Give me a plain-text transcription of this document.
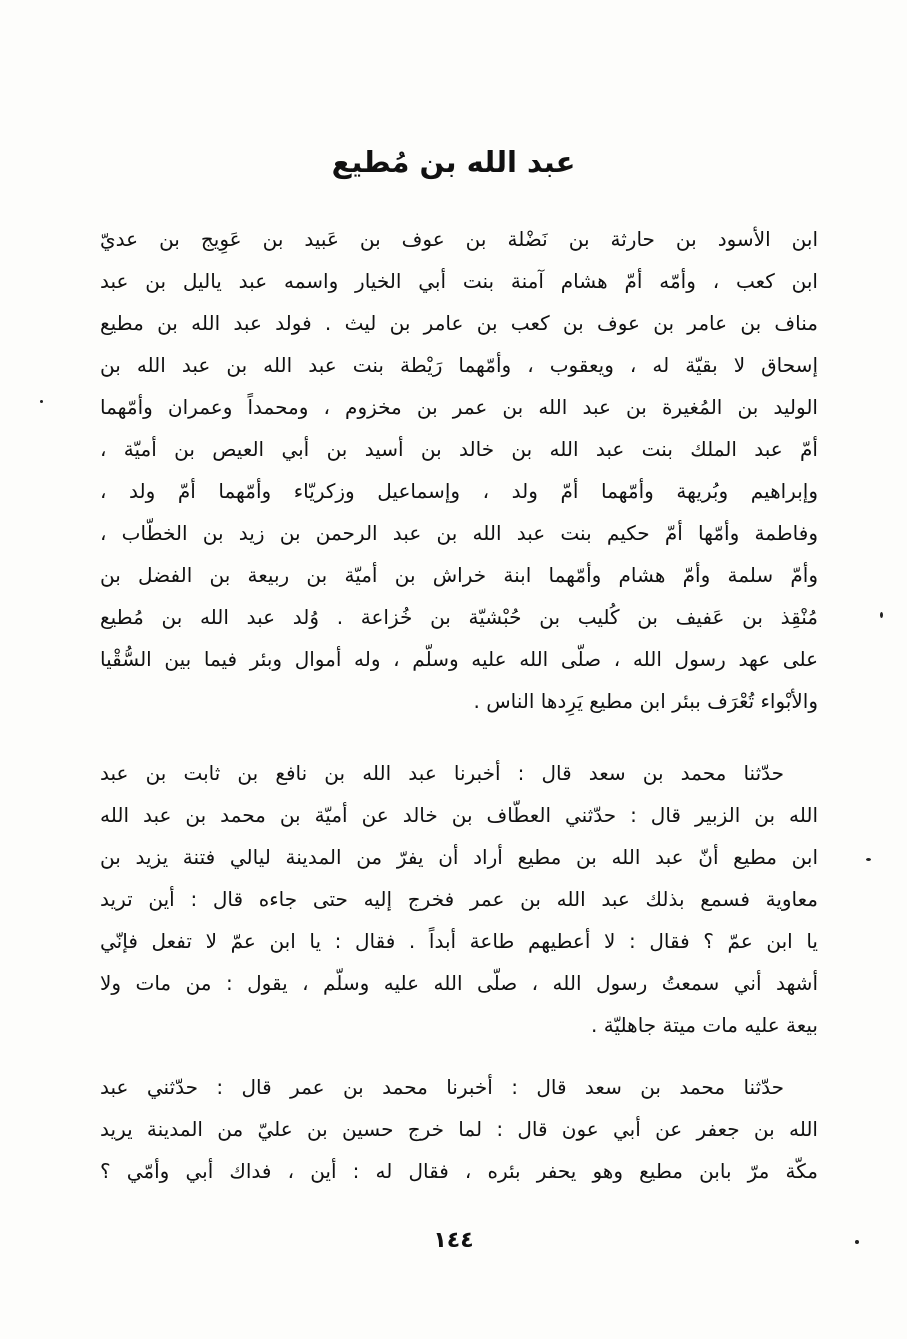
عبد الله بن مُطيع
ابن الأسود بن حارثة بن نَضْلة بن عوف بن عَبيد بن عَوِيج بن عديّ
ابن كعب ، وأمّه أمّ هشام آمنة بنت أبي الخيار واسمه عبد ياليل بن عبد
مناف بن عامر بن عوف بن كعب بن عامر بن ليث . فولد عبد الله بن مطيع
إسحاق لا بقيّة له ، ويعقوب ، وأمّهما رَيْطة بنت عبد الله بن عبد الله بن
الوليد بن المُغيرة بن عبد الله بن عمر بن مخزوم ، ومحمداً وعمران وأمّهما
أمّ عبد الملك بنت عبد الله بن خالد بن أسيد بن أبي العيص بن أميّة ،
وإبراهيم وبُريهة وأمّهما أمّ ولد ، وإسماعيل وزكريّاء وأمّهما أمّ ولد ،
وفاطمة وأمّها أمّ حكيم بنت عبد الله بن عبد الرحمن بن زيد بن الخطّاب ،
وأمّ سلمة وأمّ هشام وأمّهما ابنة خراش بن أميّة بن ربيعة بن الفضل بن
مُنْقِذ بن عَفيف بن كُليب بن حُبْشيّة بن خُزاعة . وُلد عبد الله بن مُطيع
على عهد رسول الله ، صلّى الله عليه وسلّم ، وله أموال وبئر فيما بين السُّقْيا
والأبْواء تُعْرَف ببئر ابن مطيع يَرِدها الناس .
حدّثنا محمد بن سعد قال : أخبرنا عبد الله بن نافع بن ثابت بن عبد
الله بن الزبير قال : حدّثني العطّاف بن خالد عن أميّة بن محمد بن عبد الله
ابن مطيع أنّ عبد الله بن مطيع أراد أن يفرّ من المدينة ليالي فتنة يزيد بن
معاوية فسمع بذلك عبد الله بن عمر فخرج إليه حتى جاءه قال : أين تريد
يا ابن عمّ ؟ فقال : لا أعطيهم طاعة أبداً . فقال : يا ابن عمّ لا تفعل فإنّي
أشهد أني سمعتُ رسول الله ، صلّى الله عليه وسلّم ، يقول : من مات ولا
بيعة عليه مات ميتة جاهليّة .
حدّثنا محمد بن سعد قال : أخبرنا محمد بن عمر قال : حدّثني عبد
الله بن جعفر عن أبي عون قال : لما خرج حسين بن عليّ من المدينة يريد
مكّة مرّ بابن مطيع وهو يحفر بئره ، فقال له : أين ، فداك أبي وأمّي ؟
١٤٤
